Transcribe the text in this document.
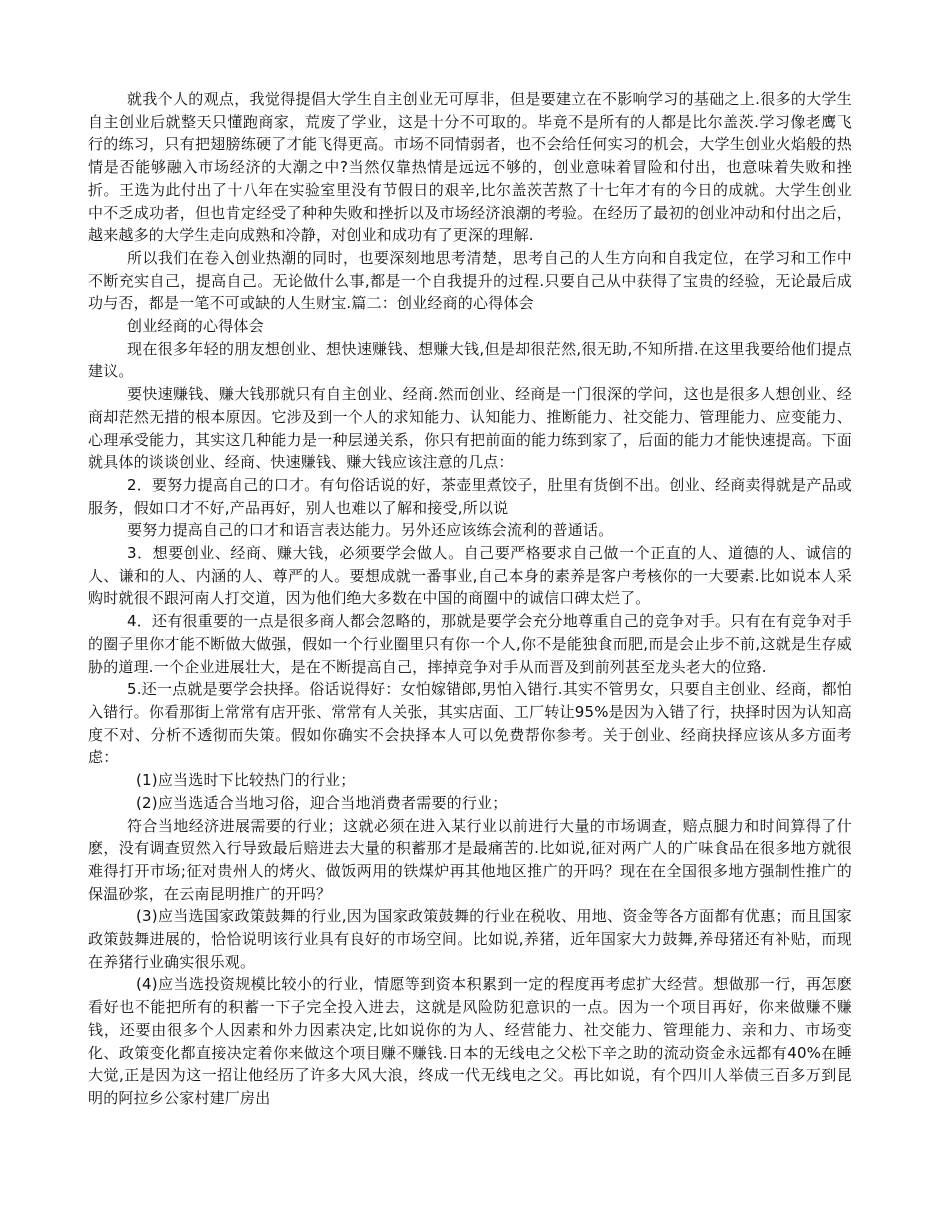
就我个人的观点，我觉得提倡大学生自主创业无可厚非，但是要建立在不影响学习的基础之上.很多的大学生自主创业后就整天只懂跑商家，荒废了学业，这是十分不可取的。毕竟不是所有的人都是比尔盖茨.学习像老鹰飞行的练习，只有把翅膀练硬了才能飞得更高。市场不同情弱者，也不会给任何实习的机会，大学生创业火焰般的热情是否能够融入市场经济的大潮之中?当然仅靠热情是远远不够的，创业意味着冒险和付出，也意味着失败和挫折。王选为此付出了十八年在实验室里没有节假日的艰辛,比尔盖茨苦熬了十七年才有的今日的成就。大学生创业中不乏成功者，但也肯定经受了种种失败和挫折以及市场经济浪潮的考验。在经历了最初的创业冲动和付出之后，越来越多的大学生走向成熟和冷静，对创业和成功有了更深的理解.

所以我们在卷入创业热潮的同时，也要深刻地思考清楚，思考自己的人生方向和自我定位，在学习和工作中不断充实自己，提高自己。无论做什么事,都是一个自我提升的过程.只要自己从中获得了宝贵的经验，无论最后成功与否，都是一笔不可或缺的人生财宝.篇二：创业经商的心得体会

创业经商的心得体会

现在很多年轻的朋友想创业、想快速赚钱、想赚大钱,但是却很茫然,很无助,不知所措.在这里我要给他们提点建议。

要快速赚钱、赚大钱那就只有自主创业、经商.然而创业、经商是一门很深的学问，这也是很多人想创业、经商却茫然无措的根本原因。它涉及到一个人的求知能力、认知能力、推断能力、社交能力、管理能力、应变能力、心理承受能力，其实这几种能力是一种层递关系，你只有把前面的能力练到家了，后面的能力才能快速提高。下面就具体的谈谈创业、经商、快速赚钱、赚大钱应该注意的几点：

2．要努力提高自己的口才。有句俗话说的好，茶壶里煮饺子，肚里有货倒不出。创业、经商卖得就是产品或服务，假如口才不好,产品再好，别人也难以了解和接受,所以说

要努力提高自己的口才和语言表达能力。另外还应该练会流利的普通话。

3．想要创业、经商、赚大钱，必须要学会做人。自己要严格要求自己做一个正直的人、道德的人、诚信的人、谦和的人、内涵的人、尊严的人。要想成就一番事业,自己本身的素养是客户考核你的一大要素.比如说本人采购时就很不跟河南人打交道，因为他们绝大多数在中国的商圈中的诚信口碑太烂了。

4．还有很重要的一点是很多商人都会忽略的，那就是要学会充分地尊重自己的竞争对手。只有在有竞争对手的圈子里你才能不断做大做强，假如一个行业圈里只有你一个人,你不是能独食而肥,而是会止步不前,这就是生存威胁的道理.一个企业进展壮大，是在不断提高自己，摔掉竞争对手从而晋及到前列甚至龙头老大的位臵.

5.还一点就是要学会抉择。俗话说得好：女怕嫁错郎,男怕入错行.其实不管男女，只要自主创业、经商，都怕入错行。你看那街上常常有店开张、常常有人关张，其实店面、工厂转让95%是因为入错了行，抉择时因为认知高度不对、分析不透彻而失策。假如你确实不会抉择本人可以免费帮你参考。关于创业、经商抉择应该从多方面考虑：

(1)应当选时下比较热门的行业；

(2)应当选适合当地习俗，迎合当地消费者需要的行业；

符合当地经济进展需要的行业；这就必须在进入某行业以前进行大量的市场调查，赔点腿力和时间算得了什麽，没有调查贸然入行导致最后赔进去大量的积蓄那才是最痛苦的.比如说,征对两广人的广味食品在很多地方就很难得打开市场;征对贵州人的烤火、做饭两用的铁煤炉再其他地区推广的开吗？现在在全国很多地方强制性推广的保温砂浆，在云南昆明推广的开吗？

(3)应当选国家政策鼓舞的行业,因为国家政策鼓舞的行业在税收、用地、资金等各方面都有优惠；而且国家政策鼓舞进展的，恰恰说明该行业具有良好的市场空间。比如说,养猪，近年国家大力鼓舞,养母猪还有补贴，而现在养猪行业确实很乐观。

(4)应当选投资规模比较小的行业，情愿等到资本积累到一定的程度再考虑扩大经营。想做那一行，再怎麽看好也不能把所有的积蓄一下子完全投入进去，这就是风险防犯意识的一点。因为一个项目再好，你来做赚不赚钱，还要由很多个人因素和外力因素决定,比如说你的为人、经营能力、社交能力、管理能力、亲和力、市场变化、政策变化都直接决定着你来做这个项目赚不赚钱.日本的无线电之父松下辛之助的流动资金永远都有40%在睡大觉,正是因为这一招让他经历了许多大风大浪，终成一代无线电之父。再比如说，有个四川人举债三百多万到昆明的阿拉乡公家村建厂房出
